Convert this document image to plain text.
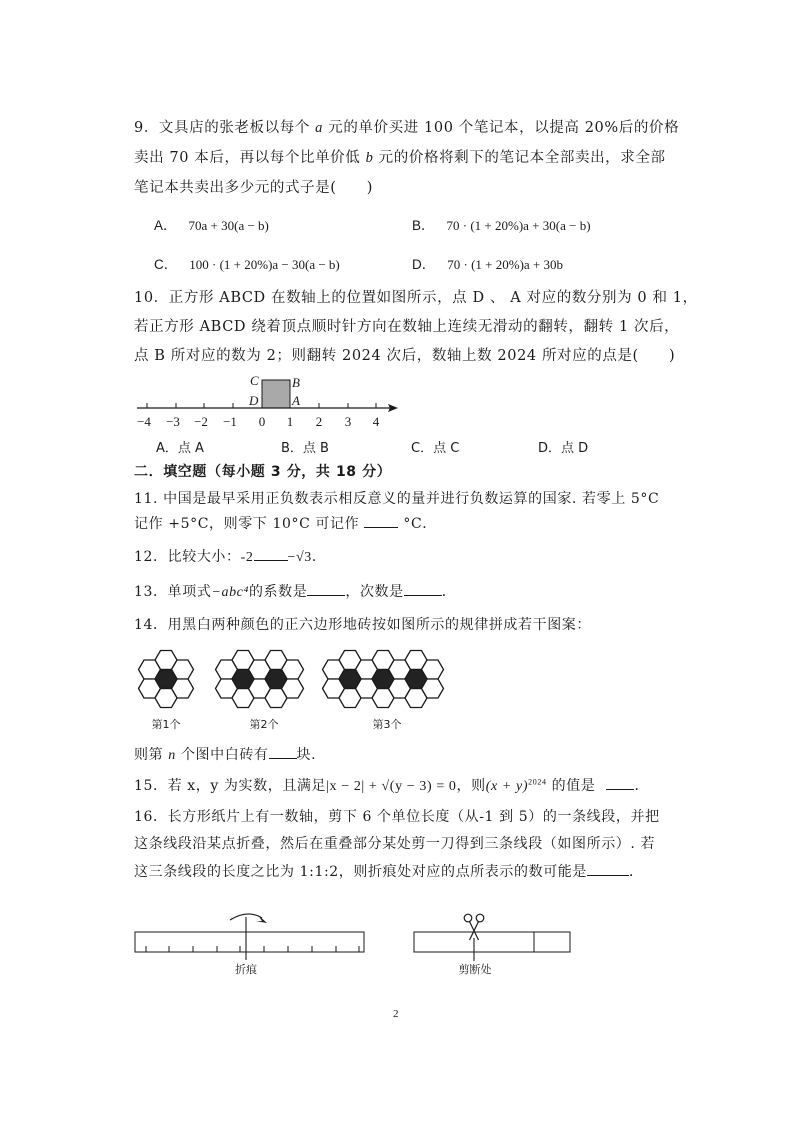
9．文具店的张老板以每个 a 元的单价买进 100 个笔记本，以提高 20%后的价格
卖出 70 本后，再以每个比单价低 b 元的价格将剩下的笔记本全部卖出，求全部
笔记本共卖出多少元的式子是(　　)
A． 70a + 30(a − b)	B． 70 · (1 + 20%)a + 30(a − b)
C． 100 · (1 + 20%)a − 30(a − b)	D． 70 · (1 + 20%)a + 30b
10．正方形 ABCD 在数轴上的位置如图所示，点 D 、 A 对应的数分别为 0 和 1，
若正方形 ABCD 绕着顶点顺时针方向在数轴上连续无滑动的翻转，翻转 1 次后，
点 B 所对应的数为 2；则翻转 2024 次后，数轴上数 2024 所对应的点是(　　)
−4 −3 −2 −1 0 1 2 3 4
C	B
D	A
A．点 A	B．点 B	C．点 C	D．点 D
二．填空题（每小题 3 分，共 18 分）
11. 中国是最早采用正负数表示相反意义的量并进行负数运算的国家. 若零上 5°C
记作 +5°C，则零下 10°C 可记作	°C．
12．比较大小：-2 −√3．
13．单项式−abc⁴的系数是	，次数是	．
14．用黑白两种颜色的正六边形地砖按如图所示的规律拼成若干图案：
第1个	第2个	第3个
则第 n 个图中白砖有 块.
15．若 x，y 为实数，且满足|x − 2| + √(y − 3) = 0，则$(x + y)^{2024}$ 的值是	．
16．长方形纸片上有一数轴，剪下 6 个单位长度（从-1 到 5）的一条线段，并把
这条线段沿某点折叠，然后在重叠部分某处剪一刀得到三条线段（如图所示）. 若
这三条线段的长度之比为 1:1:2，则折痕处对应的点所表示的数可能是	．
折痕	剪断处
2
